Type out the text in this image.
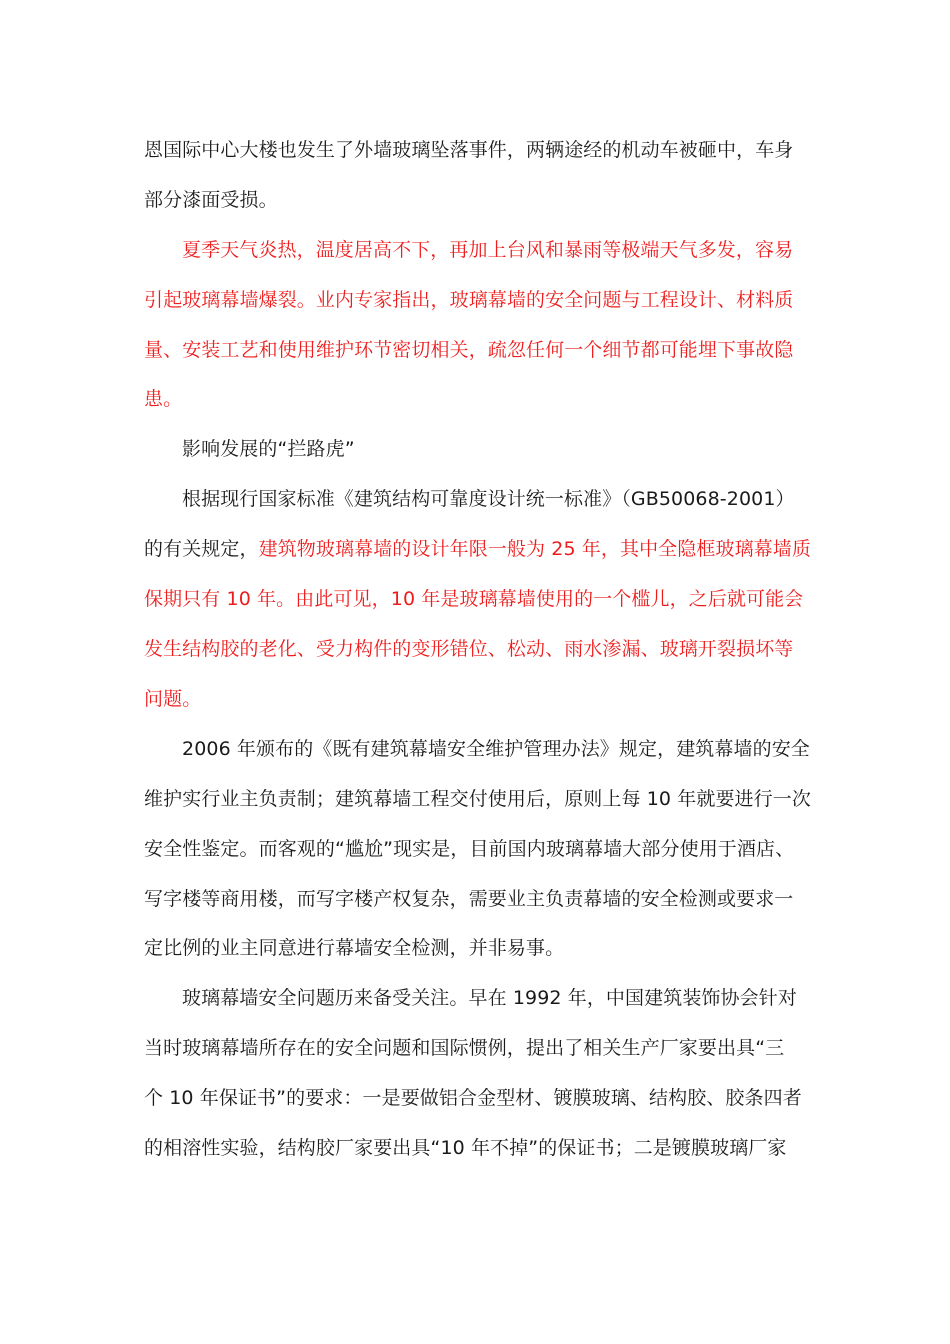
恩国际中心大楼也发生了外墙玻璃坠落事件，两辆途经的机动车被砸中，车身
部分漆面受损。
夏季天气炎热，温度居高不下，再加上台风和暴雨等极端天气多发，容易
引起玻璃幕墙爆裂。业内专家指出，玻璃幕墙的安全问题与工程设计、材料质
量、安装工艺和使用维护环节密切相关，疏忽任何一个细节都可能埋下事故隐
患。
影响发展的“拦路虎”
根据现行国家标准《建筑结构可靠度设计统一标准》（GB50068-2001）
的有关规定，建筑物玻璃幕墙的设计年限一般为 25 年，其中全隐框玻璃幕墙质
保期只有 10 年。由此可见，10 年是玻璃幕墙使用的一个槛儿，之后就可能会
发生结构胶的老化、受力构件的变形错位、松动、雨水渗漏、玻璃开裂损坏等
问题。
2006 年颁布的《既有建筑幕墙安全维护管理办法》规定，建筑幕墙的安全
维护实行业主负责制；建筑幕墙工程交付使用后，原则上每 10 年就要进行一次
安全性鉴定。而客观的“尴尬”现实是，目前国内玻璃幕墙大部分使用于酒店、
写字楼等商用楼，而写字楼产权复杂，需要业主负责幕墙的安全检测或要求一
定比例的业主同意进行幕墙安全检测，并非易事。
玻璃幕墙安全问题历来备受关注。早在 1992 年，中国建筑装饰协会针对
当时玻璃幕墙所存在的安全问题和国际惯例，提出了相关生产厂家要出具“三
个 10 年保证书”的要求：一是要做铝合金型材、镀膜玻璃、结构胶、胶条四者
的相溶性实验，结构胶厂家要出具“10 年不掉”的保证书；二是镀膜玻璃厂家
